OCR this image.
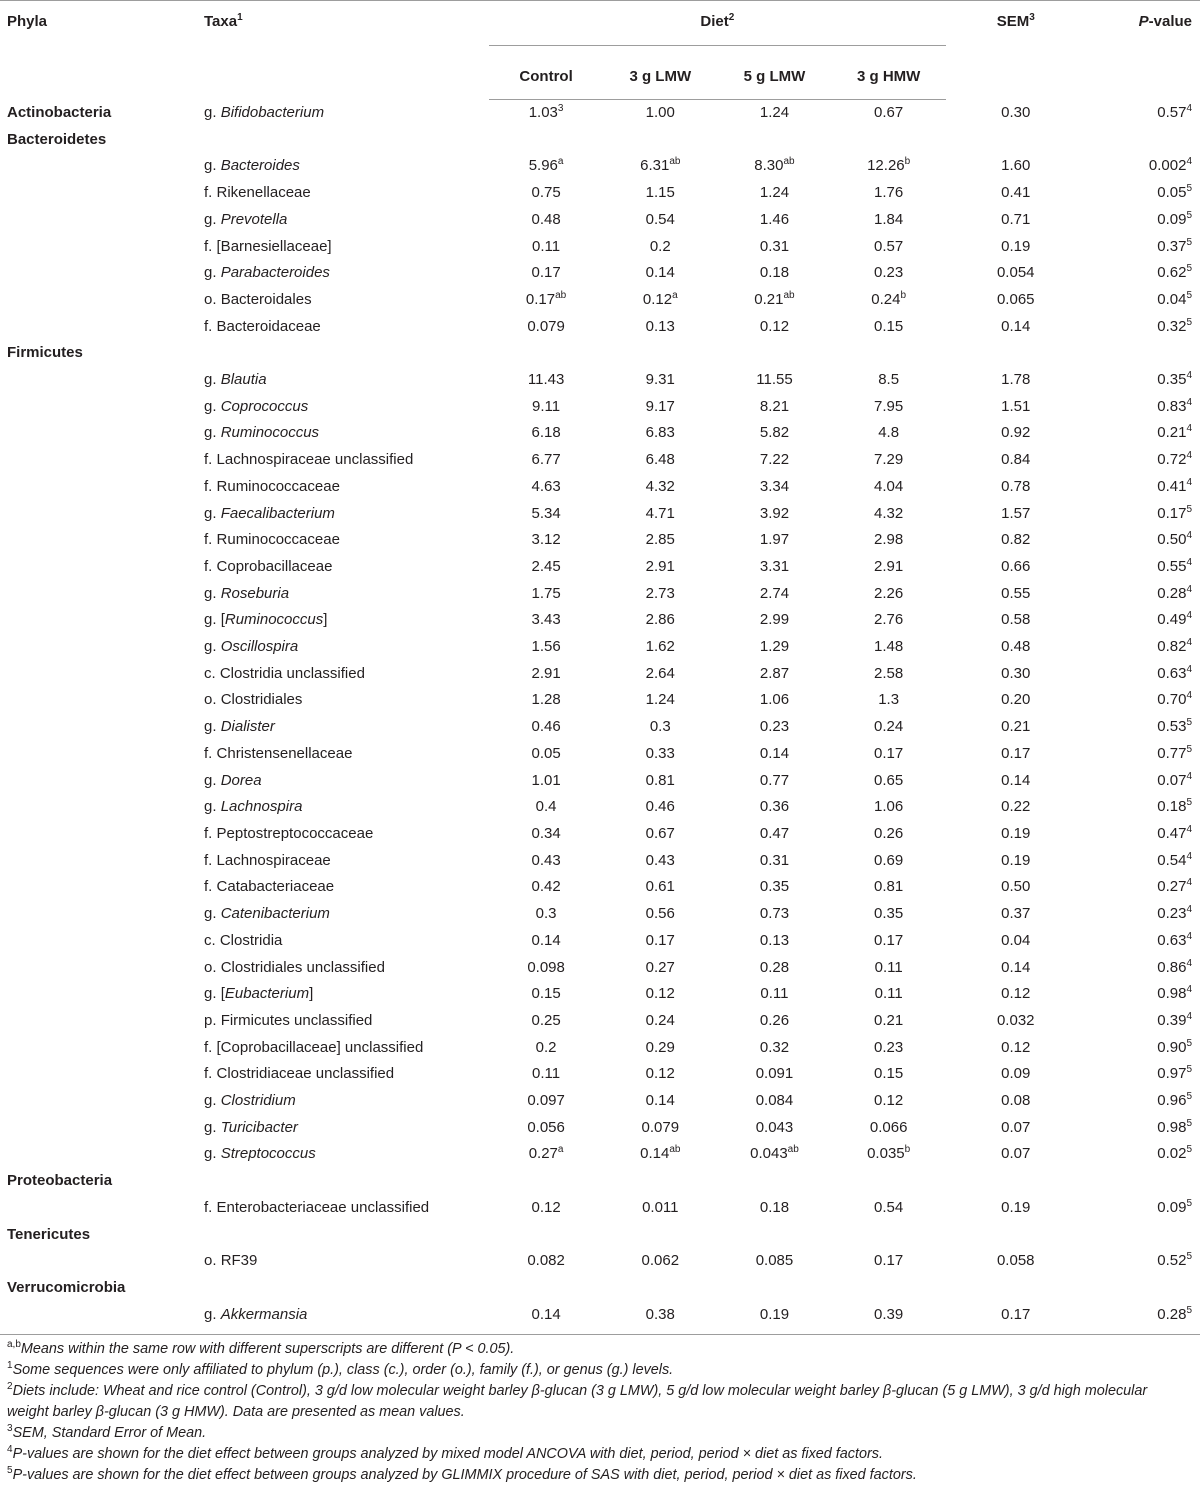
Phyla	Taxa$^1$	Diet$^2$				SEM$^3$	P-value
		Control	3 g LMW	5 g LMW	3 g HMW		
Actinobacteria	g. Bifidobacterium	1.03$^3$	1.00	1.24	0.67	0.30	0.57$^4$
Bacteroidetes							
	g. Bacteroides	5.96$^a$	6.31$^{ab}$	8.30$^{ab}$	12.26$^b$	1.60	0.002$^4$
	f. Rikenellaceae	0.75	1.15	1.24	1.76	0.41	0.05$^5$
	g. Prevotella	0.48	0.54	1.46	1.84	0.71	0.09$^5$
	f. [Barnesiellaceae]	0.11	0.2	0.31	0.57	0.19	0.37$^5$
	g. Parabacteroides	0.17	0.14	0.18	0.23	0.054	0.62$^5$
	o. Bacteroidales	0.17$^{ab}$	0.12$^a$	0.21$^{ab}$	0.24$^b$	0.065	0.04$^5$
	f. Bacteroidaceae	0.079	0.13	0.12	0.15	0.14	0.32$^5$
Firmicutes							
	g. Blautia	11.43	9.31	11.55	8.5	1.78	0.35$^4$
	g. Coprococcus	9.11	9.17	8.21	7.95	1.51	0.83$^4$
	g. Ruminococcus	6.18	6.83	5.82	4.8	0.92	0.21$^4$
	f. Lachnospiraceae unclassified	6.77	6.48	7.22	7.29	0.84	0.72$^4$
	f. Ruminococcaceae	4.63	4.32	3.34	4.04	0.78	0.41$^4$
	g. Faecalibacterium	5.34	4.71	3.92	4.32	1.57	0.17$^5$
	f. Ruminococcaceae	3.12	2.85	1.97	2.98	0.82	0.50$^4$
	f. Coprobacillaceae	2.45	2.91	3.31	2.91	0.66	0.55$^4$
	g. Roseburia	1.75	2.73	2.74	2.26	0.55	0.28$^4$
	g. [Ruminococcus]	3.43	2.86	2.99	2.76	0.58	0.49$^4$
	g. Oscillospira	1.56	1.62	1.29	1.48	0.48	0.82$^4$
	c. Clostridia unclassified	2.91	2.64	2.87	2.58	0.30	0.63$^4$
	o. Clostridiales	1.28	1.24	1.06	1.3	0.20	0.70$^4$
	g. Dialister	0.46	0.3	0.23	0.24	0.21	0.53$^5$
	f. Christensenellaceae	0.05	0.33	0.14	0.17	0.17	0.77$^5$
	g. Dorea	1.01	0.81	0.77	0.65	0.14	0.07$^4$
	g. Lachnospira	0.4	0.46	0.36	1.06	0.22	0.18$^5$
	f. Peptostreptococcaceae	0.34	0.67	0.47	0.26	0.19	0.47$^4$
	f. Lachnospiraceae	0.43	0.43	0.31	0.69	0.19	0.54$^4$
	f. Catabacteriaceae	0.42	0.61	0.35	0.81	0.50	0.27$^4$
	g. Catenibacterium	0.3	0.56	0.73	0.35	0.37	0.23$^4$
	c. Clostridia	0.14	0.17	0.13	0.17	0.04	0.63$^4$
	o. Clostridiales unclassified	0.098	0.27	0.28	0.11	0.14	0.86$^4$
	g. [Eubacterium]	0.15	0.12	0.11	0.11	0.12	0.98$^4$
	p. Firmicutes unclassified	0.25	0.24	0.26	0.21	0.032	0.39$^4$
	f. [Coprobacillaceae] unclassified	0.2	0.29	0.32	0.23	0.12	0.90$^5$
	f. Clostridiaceae unclassified	0.11	0.12	0.091	0.15	0.09	0.97$^5$
	g. Clostridium	0.097	0.14	0.084	0.12	0.08	0.96$^5$
	g. Turicibacter	0.056	0.079	0.043	0.066	0.07	0.98$^5$
	g. Streptococcus	0.27$^a$	0.14$^{ab}$	0.043$^{ab}$	0.035$^b$	0.07	0.02$^5$
Proteobacteria							
	f. Enterobacteriaceae unclassified	0.12	0.011	0.18	0.54	0.19	0.09$^5$
Tenericutes							
	o. RF39	0.082	0.062	0.085	0.17	0.058	0.52$^5$
Verrucomicrobia							
	g. Akkermansia	0.14	0.38	0.19	0.39	0.17	0.28$^5$

$^{a,b}$Means within the same row with different superscripts are different (P < 0.05).

$^1$Some sequences were only affiliated to phylum (p.), class (c.), order (o.), family (f.), or genus (g.) levels.

$^2$Diets include: Wheat and rice control (Control), 3 g/d low molecular weight barley β-glucan (3 g LMW), 5 g/d low molecular weight barley β-glucan (5 g LMW), 3 g/d high molecular weight barley β-glucan (3 g HMW). Data are presented as mean values.

$^3$SEM, Standard Error of Mean.

$^4$P-values are shown for the diet effect between groups analyzed by mixed model ANCOVA with diet, period, period × diet as fixed factors.

$^5$P-values are shown for the diet effect between groups analyzed by GLIMMIX procedure of SAS with diet, period, period × diet as fixed factors.
